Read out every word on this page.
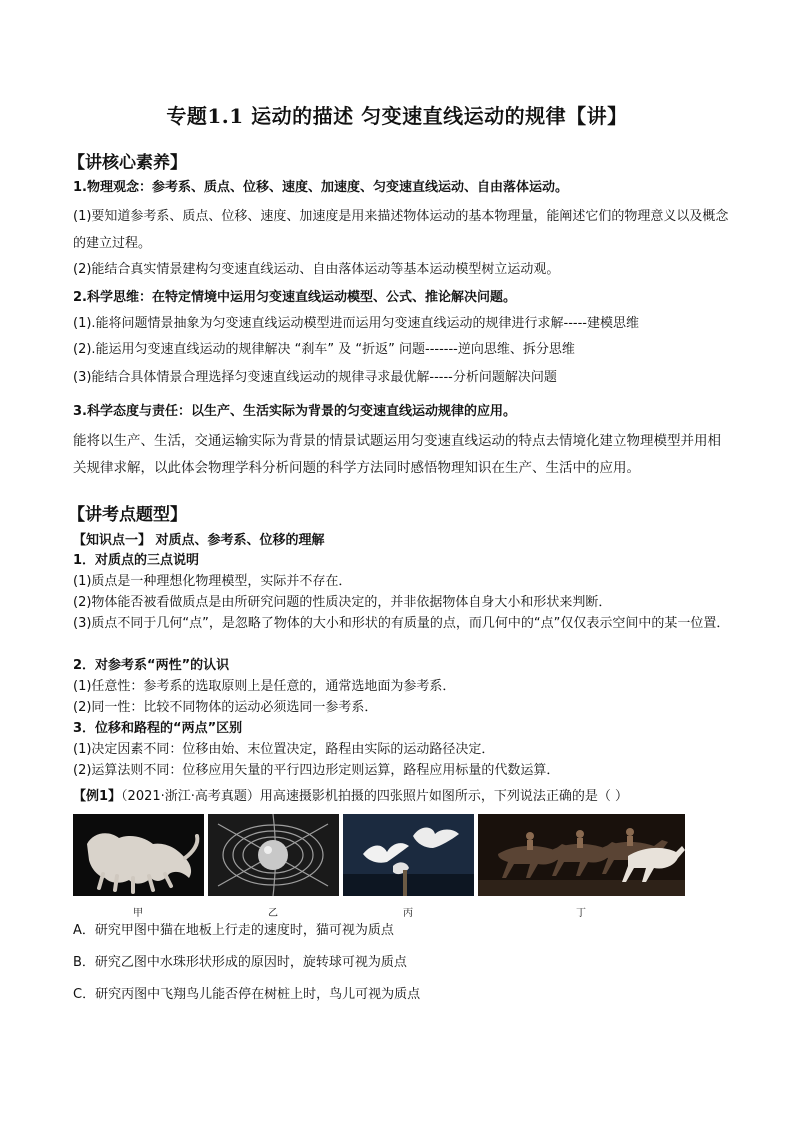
专题1.1 运动的描述 匀变速直线运动的规律【讲】
【讲核心素养】
1.物理观念：参考系、质点、位移、速度、加速度、匀变速直线运动、自由落体运动。
(1)要知道参考系、质点、位移、速度、加速度是用来描述物体运动的基本物理量，能阐述它们的物理意义以及概念的建立过程。
(2)能结合真实情景建构匀变速直线运动、自由落体运动等基本运动模型树立运动观。
2.科学思维：在特定情境中运用匀变速直线运动模型、公式、推论解决问题。
(1).能将问题情景抽象为匀变速直线运动模型进而运用匀变速直线运动的规律进行求解-----建模思维
(2).能运用匀变速直线运动的规律解决 “刹车” 及 “折返” 问题-------逆向思维、拆分思维
(3)能结合具体情景合理选择匀变速直线运动的规律寻求最优解-----分析问题解决问题
3.科学态度与责任：以生产、生活实际为背景的匀变速直线运动规律的应用。
能将以生产、生活，交通运输实际为背景的情景试题运用匀变速直线运动的特点去情境化建立物理模型并用相关规律求解，以此体会物理学科分析问题的科学方法同时感悟物理知识在生产、生活中的应用。
【讲考点题型】
【知识点一】 对质点、参考系、位移的理解
1．对质点的三点说明
(1)质点是一种理想化物理模型，实际并不存在．
(2)物体能否被看做质点是由所研究问题的性质决定的，并非依据物体自身大小和形状来判断．
(3)质点不同于几何“点”，是忽略了物体的大小和形状的有质量的点，而几何中的“点”仅仅表示空间中的某一位置．
2．对参考系“两性”的认识
(1)任意性：参考系的选取原则上是任意的，通常选地面为参考系．
(2)同一性：比较不同物体的运动必须选同一参考系．
3．位移和路程的“两点”区别
(1)决定因素不同：位移由始、末位置决定，路程由实际的运动路径决定．
(2)运算法则不同：位移应用矢量的平行四边形定则运算，路程应用标量的代数运算．
【例1】（2021·浙江·高考真题）用高速摄影机拍摄的四张照片如图所示，下列说法正确的是（ ）
甲	乙	丙	丁
A．研究甲图中猫在地板上行走的速度时，猫可视为质点
B．研究乙图中水珠形状形成的原因时，旋转球可视为质点
C．研究丙图中飞翔鸟儿能否停在树桩上时，鸟儿可视为质点
